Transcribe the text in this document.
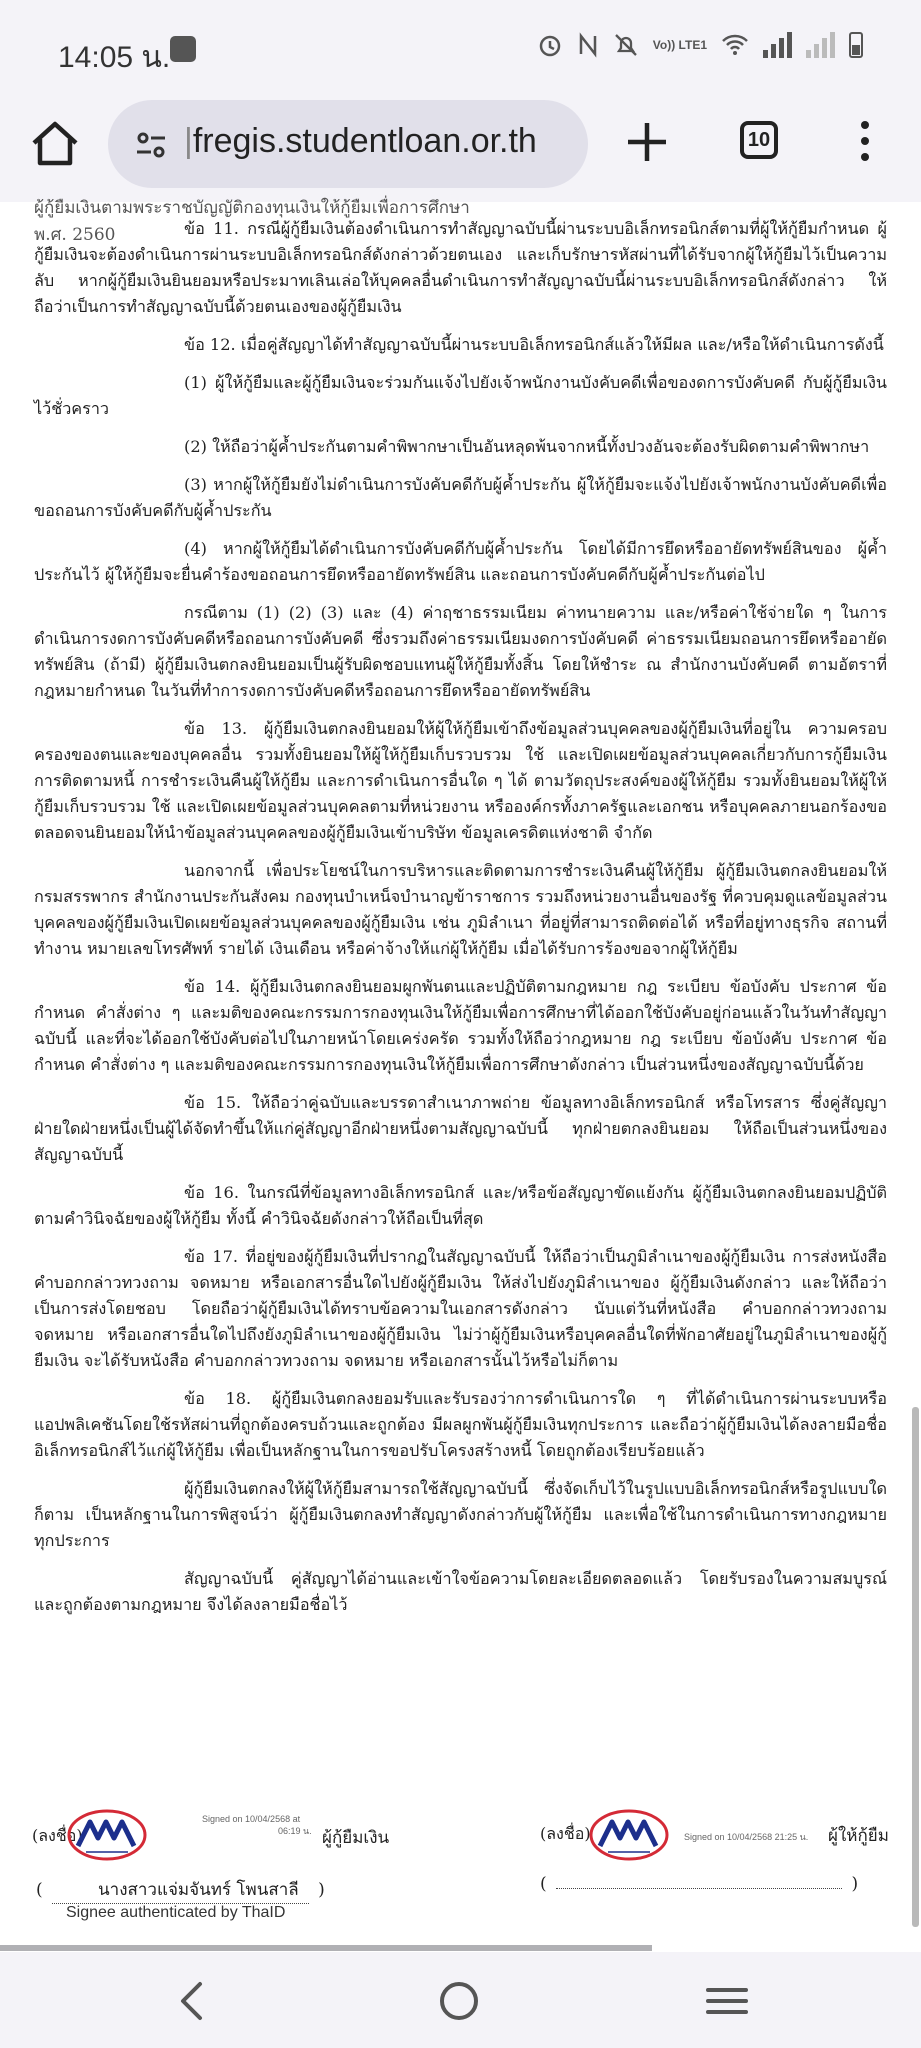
14:05 น.	Vo)) LTE1
| fregis.studentloan.or.th	10
ผู้กู้ยืมเงินตามพระราชบัญญัติกองทุนเงินให้กู้ยืมเพื่อการศึกษา พ.ศ. 2560	ข้อ 11. กรณีผู้กู้ยืมเงินต้องดำเนินการทำสัญญาฉบับนี้ผ่านระบบอิเล็กทรอนิกส์ตามที่ผู้ให้กู้ยืมกำหนด ผู้กู้ยืมเงินจะต้องดำเนินการผ่านระบบอิเล็กทรอนิกส์ดังกล่าวด้วยตนเอง และเก็บรักษารหัสผ่านที่ได้รับจากผู้ให้กู้ยืมไว้เป็นความลับ หากผู้กู้ยืมเงินยินยอมหรือประมาทเลินเล่อให้บุคคลอื่นดำเนินการทำสัญญาฉบับนี้ผ่านระบบอิเล็กทรอนิกส์ดังกล่าว ให้ถือว่าเป็นการทำสัญญาฉบับนี้ด้วยตนเองของผู้กู้ยืมเงิน

ข้อ 12. เมื่อคู่สัญญาได้ทำสัญญาฉบับนี้ผ่านระบบอิเล็กทรอนิกส์แล้วให้มีผล และ/หรือให้ดำเนินการดังนี้

(1) ผู้ให้กู้ยืมและผู้กู้ยืมเงินจะร่วมกันแจ้งไปยังเจ้าพนักงานบังคับคดีเพื่อของดการบังคับคดี กับผู้กู้ยืมเงินไว้ชั่วคราว

(2) ให้ถือว่าผู้ค้ำประกันตามคำพิพากษาเป็นอันหลุดพ้นจากหนี้ทั้งปวงอันจะต้องรับผิดตามคำพิพากษา

(3) หากผู้ให้กู้ยืมยังไม่ดำเนินการบังคับคดีกับผู้ค้ำประกัน ผู้ให้กู้ยืมจะแจ้งไปยังเจ้าพนักงานบังคับคดีเพื่อขอถอนการบังคับคดีกับผู้ค้ำประกัน

(4) หากผู้ให้กู้ยืมได้ดำเนินการบังคับคดีกับผู้ค้ำประกัน โดยได้มีการยึดหรืออายัดทรัพย์สินของ ผู้ค้ำประกันไว้ ผู้ให้กู้ยืมจะยื่นคำร้องขอถอนการยึดหรืออายัดทรัพย์สิน และถอนการบังคับคดีกับผู้ค้ำประกันต่อไป

กรณีตาม (1) (2) (3) และ (4) ค่าฤชาธรรมเนียม ค่าทนายความ และ/หรือค่าใช้จ่ายใด ๆ ในการดำเนินการงดการบังคับคดีหรือถอนการบังคับคดี ซึ่งรวมถึงค่าธรรมเนียมงดการบังคับคดี ค่าธรรมเนียมถอนการยึดหรืออายัดทรัพย์สิน (ถ้ามี) ผู้กู้ยืมเงินตกลงยินยอมเป็นผู้รับผิดชอบแทนผู้ให้กู้ยืมทั้งสิ้น โดยให้ชำระ ณ สำนักงานบังคับคดี ตามอัตราที่กฎหมายกำหนด ในวันที่ทำการงดการบังคับคดีหรือถอนการยึดหรืออายัดทรัพย์สิน

ข้อ 13. ผู้กู้ยืมเงินตกลงยินยอมให้ผู้ให้กู้ยืมเข้าถึงข้อมูลส่วนบุคคลของผู้กู้ยืมเงินที่อยู่ใน ความครอบครองของตนและของบุคคลอื่น รวมทั้งยินยอมให้ผู้ให้กู้ยืมเก็บรวบรวม ใช้ และเปิดเผยข้อมูลส่วนบุคคลเกี่ยวกับการกู้ยืมเงิน การติดตามหนี้ การชำระเงินคืนผู้ให้กู้ยืม และการดำเนินการอื่นใด ๆ ได้ ตามวัตถุประสงค์ของผู้ให้กู้ยืม รวมทั้งยินยอมให้ผู้ให้กู้ยืมเก็บรวบรวม ใช้ และเปิดเผยข้อมูลส่วนบุคคลตามที่หน่วยงาน หรือองค์กรทั้งภาครัฐและเอกชน หรือบุคคลภายนอกร้องขอ ตลอดจนยินยอมให้นำข้อมูลส่วนบุคคลของผู้กู้ยืมเงินเข้าบริษัท ข้อมูลเครดิตแห่งชาติ จำกัด

นอกจากนี้ เพื่อประโยชน์ในการบริหารและติดตามการชำระเงินคืนผู้ให้กู้ยืม ผู้กู้ยืมเงินตกลงยินยอมให้กรมสรรพากร สำนักงานประกันสังคม กองทุนบำเหน็จบำนาญข้าราชการ รวมถึงหน่วยงานอื่นของรัฐ ที่ควบคุมดูแลข้อมูลส่วนบุคคลของผู้กู้ยืมเงินเปิดเผยข้อมูลส่วนบุคคลของผู้กู้ยืมเงิน เช่น ภูมิลำเนา ที่อยู่ที่สามารถติดต่อได้ หรือที่อยู่ทางธุรกิจ สถานที่ทำงาน หมายเลขโทรศัพท์ รายได้ เงินเดือน หรือค่าจ้างให้แก่ผู้ให้กู้ยืม เมื่อได้รับการร้องขอจากผู้ให้กู้ยืม

ข้อ 14. ผู้กู้ยืมเงินตกลงยินยอมผูกพันตนและปฏิบัติตามกฎหมาย กฎ ระเบียบ ข้อบังคับ ประกาศ ข้อกำหนด คำสั่งต่าง ๆ และมติของคณะกรรมการกองทุนเงินให้กู้ยืมเพื่อการศึกษาที่ได้ออกใช้บังคับอยู่ก่อนแล้วในวันทำสัญญาฉบับนี้ และที่จะได้ออกใช้บังคับต่อไปในภายหน้าโดยเคร่งครัด รวมทั้งให้ถือว่ากฎหมาย กฎ ระเบียบ ข้อบังคับ ประกาศ ข้อกำหนด คำสั่งต่าง ๆ และมติของคณะกรรมการกองทุนเงินให้กู้ยืมเพื่อการศึกษาดังกล่าว เป็นส่วนหนึ่งของสัญญาฉบับนี้ด้วย

ข้อ 15. ให้ถือว่าคู่ฉบับและบรรดาสำเนาภาพถ่าย ข้อมูลทางอิเล็กทรอนิกส์ หรือโทรสาร ซึ่งคู่สัญญาฝ่ายใดฝ่ายหนึ่งเป็นผู้ได้จัดทำขึ้นให้แก่คู่สัญญาอีกฝ่ายหนึ่งตามสัญญาฉบับนี้ ทุกฝ่ายตกลงยินยอม ให้ถือเป็นส่วนหนึ่งของสัญญาฉบับนี้

ข้อ 16. ในกรณีที่ข้อมูลทางอิเล็กทรอนิกส์ และ/หรือข้อสัญญาขัดแย้งกัน ผู้กู้ยืมเงินตกลงยินยอมปฏิบัติตามคำวินิจฉัยของผู้ให้กู้ยืม ทั้งนี้ คำวินิจฉัยดังกล่าวให้ถือเป็นที่สุด

ข้อ 17. ที่อยู่ของผู้กู้ยืมเงินที่ปรากฏในสัญญาฉบับนี้ ให้ถือว่าเป็นภูมิลำเนาของผู้กู้ยืมเงิน การส่งหนังสือ คำบอกกล่าวทวงถาม จดหมาย หรือเอกสารอื่นใดไปยังผู้กู้ยืมเงิน ให้ส่งไปยังภูมิลำเนาของ ผู้กู้ยืมเงินดังกล่าว และให้ถือว่าเป็นการส่งโดยชอบ โดยถือว่าผู้กู้ยืมเงินได้ทราบข้อความในเอกสารดังกล่าว นับแต่วันที่หนังสือ คำบอกกล่าวทวงถาม จดหมาย หรือเอกสารอื่นใดไปถึงยังภูมิลำเนาของผู้กู้ยืมเงิน ไม่ว่าผู้กู้ยืมเงินหรือบุคคลอื่นใดที่พักอาศัยอยู่ในภูมิลำเนาของผู้กู้ยืมเงิน จะได้รับหนังสือ คำบอกกล่าวทวงถาม จดหมาย หรือเอกสารนั้นไว้หรือไม่ก็ตาม

ข้อ 18. ผู้กู้ยืมเงินตกลงยอมรับและรับรองว่าการดำเนินการใด ๆ ที่ได้ดำเนินการผ่านระบบหรือแอปพลิเคชันโดยใช้รหัสผ่านที่ถูกต้องครบถ้วนและถูกต้อง มีผลผูกพันผู้กู้ยืมเงินทุกประการ และถือว่าผู้กู้ยืมเงินได้ลงลายมือชื่ออิเล็กทรอนิกส์ไว้แก่ผู้ให้กู้ยืม เพื่อเป็นหลักฐานในการขอปรับโครงสร้างหนี้ โดยถูกต้องเรียบร้อยแล้ว

ผู้กู้ยืมเงินตกลงให้ผู้ให้กู้ยืมสามารถใช้สัญญาฉบับนี้ ซึ่งจัดเก็บไว้ในรูปแบบอิเล็กทรอนิกส์หรือรูปแบบใดก็ตาม เป็นหลักฐานในการพิสูจน์ว่า ผู้กู้ยืมเงินตกลงทำสัญญาดังกล่าวกับผู้ให้กู้ยืม และเพื่อใช้ในการดำเนินการทางกฎหมายทุกประการ

สัญญาฉบับนี้ คู่สัญญาได้อ่านและเข้าใจข้อความโดยละเอียดตลอดแล้ว โดยรับรองในความสมบูรณ์และถูกต้องตามกฎหมาย จึงได้ลงลายมือชื่อไว้

(ลงชื่อ)
Signed on 10/04/2568 at
06:19 น. ผู้กู้ยืมเงิน
(	นางสาวแจ่มจันทร์ โพนสาลี )
Signee authenticated by ThaID
(ลงชื่อ)	Signed on 10/04/2568 21:25 น. ผู้ให้กู้ยืม
(	)
